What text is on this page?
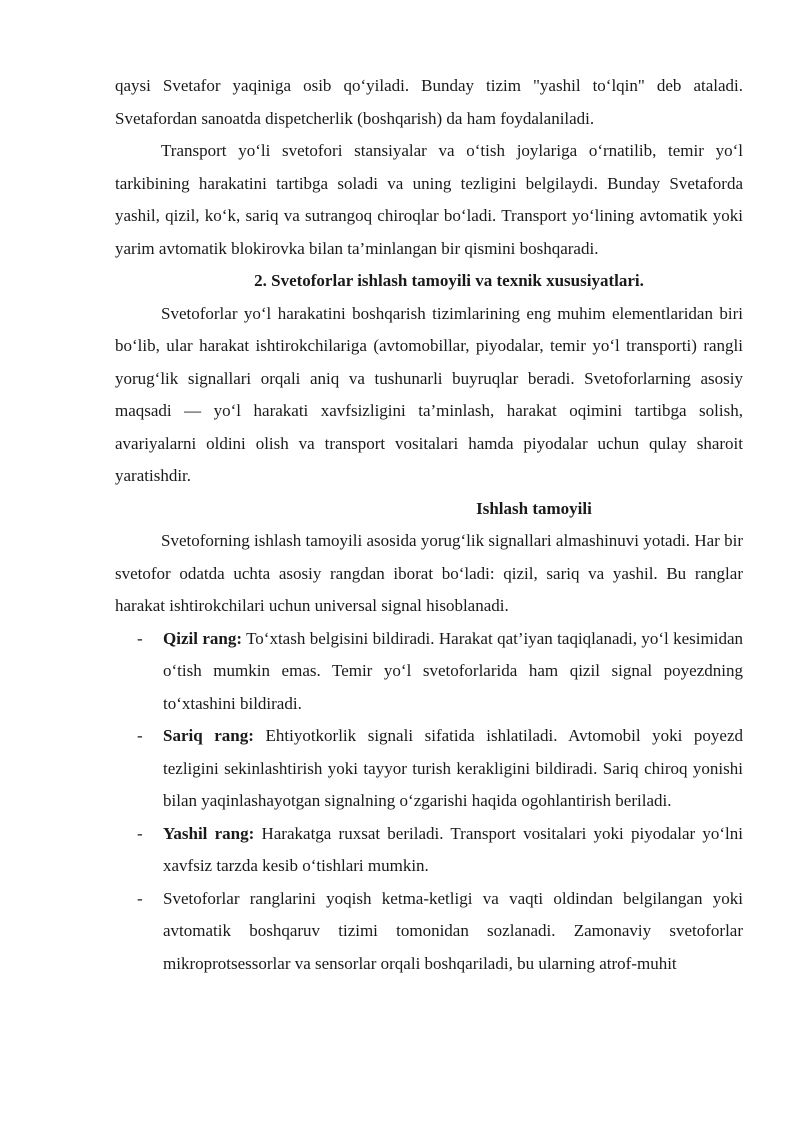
qaysi Svetafor yaqiniga osib qo‘yiladi. Bunday tizim "yashil to‘lqin" deb ataladi. Svetafordan sanoatda dispetcherlik (boshqarish) da ham foydalaniladi.

Transport yo‘li svetofori stansiyalar va o‘tish joylariga o‘rnatilib, temir yo‘l tarkibining harakatini tartibga soladi va uning tezligini belgilaydi. Bunday Svetaforda yashil, qizil, ko‘k, sariq va sutrangoq chiroqlar bo‘ladi. Transport yo‘lining avtomatik yoki yarim avtomatik blokirovka bilan ta’minlangan bir qismini boshqaradi.

2. Svetoforlar ishlash tamoyili va texnik xususiyatlari.

Svetoforlar yo‘l harakatini boshqarish tizimlarining eng muhim elementlaridan biri bo‘lib, ular harakat ishtirokchilariga (avtomobillar, piyodalar, temir yo‘l transporti) rangli yorug‘lik signallari orqali aniq va tushunarli buyruqlar beradi. Svetoforlarning asosiy maqsadi — yo‘l harakati xavfsizligini ta’minlash, harakat oqimini tartibga solish, avariyalarni oldini olish va transport vositalari hamda piyodalar uchun qulay sharoit yaratishdir.

Ishlash tamoyili

Svetoforning ishlash tamoyili asosida yorug‘lik signallari almashinuvi yotadi. Har bir svetofor odatda uchta asosiy rangdan iborat bo‘ladi: qizil, sariq va yashil. Bu ranglar harakat ishtirokchilari uchun universal signal hisoblanadi.

- Qizil rang: To‘xtash belgisini bildiradi. Harakat qat’iyan taqiqlanadi, yo‘l kesimidan o‘tish mumkin emas. Temir yo‘l svetoforlarida ham qizil signal poyezdning to‘xtashini bildiradi.
- Sariq rang: Ehtiyotkorlik signali sifatida ishlatiladi. Avtomobil yoki poyezd tezligini sekinlashtirish yoki tayyor turish kerakligini bildiradi. Sariq chiroq yonishi bilan yaqinlashayotgan signalning o‘zgarishi haqida ogohlantirish beriladi.
- Yashil rang: Harakatga ruxsat beriladi. Transport vositalari yoki piyodalar yo‘lni xavfsiz tarzda kesib o‘tishlari mumkin.
- Svetoforlar ranglarini yoqish ketma-ketligi va vaqti oldindan belgilangan yoki avtomatik boshqaruv tizimi tomonidan sozlanadi. Zamonaviy svetoforlar mikroprotsessorlar va sensorlar orqali boshqariladi, bu ularning atrof-muhit
